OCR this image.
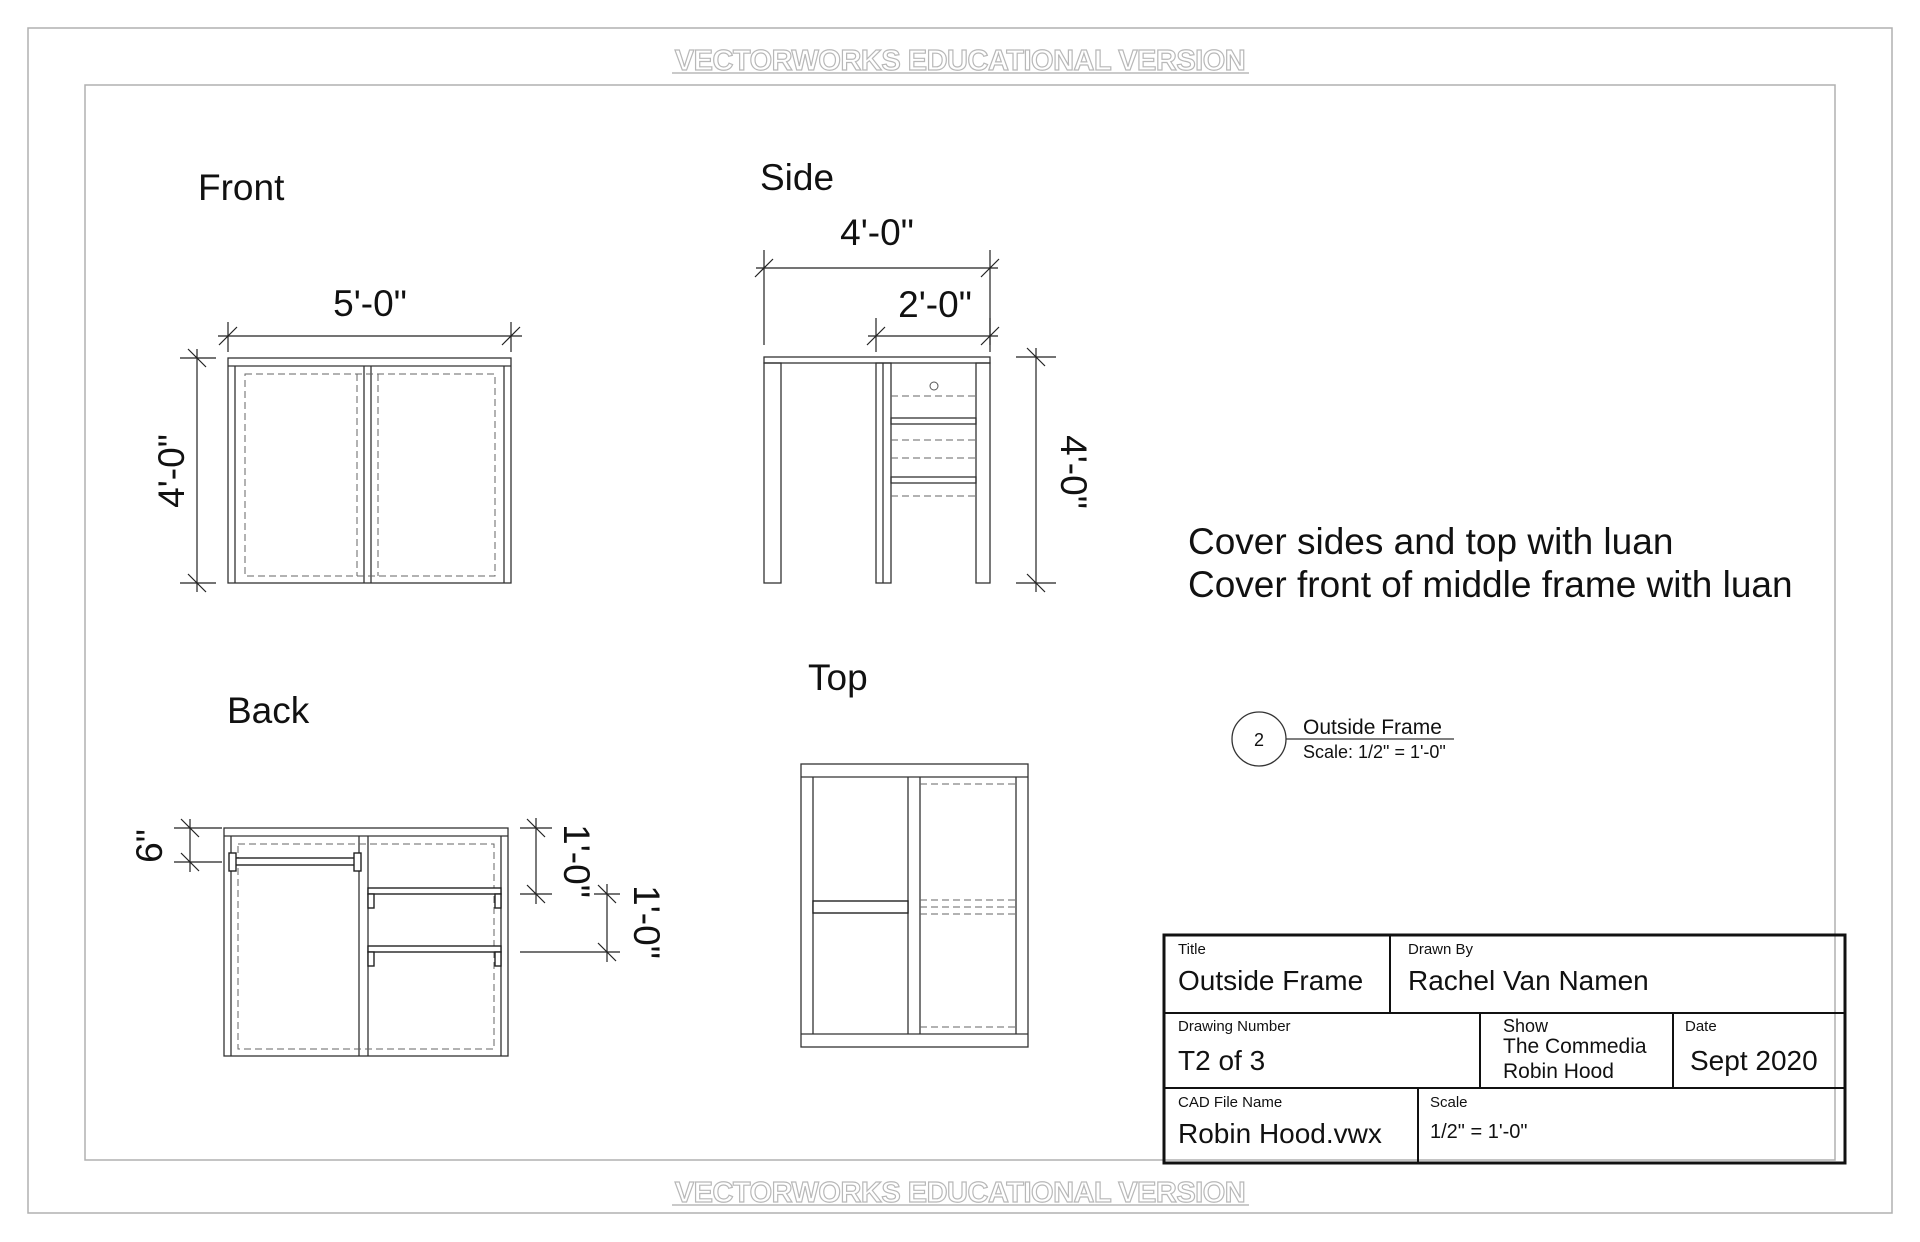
VECTORWORKS EDUCATIONAL VERSION
VECTORWORKS EDUCATIONAL VERSION
Front
5'-0"
4'-0"
Side
4'-0"
2'-0"
4'-0"
Cover sides and top with luan
Cover front of middle frame with luan
2
Outside Frame
Scale: 1/2" = 1'-0"
Back
6"	1'-0"
1'-0"
Top
Title
Outside Frame
Drawn By
Rachel Van Namen
Drawing Number
T2 of 3
Show
The Commedia
Robin Hood
Date
Sept 2020
CAD File Name
Robin Hood.vwx
Scale
1/2" = 1'-0"
